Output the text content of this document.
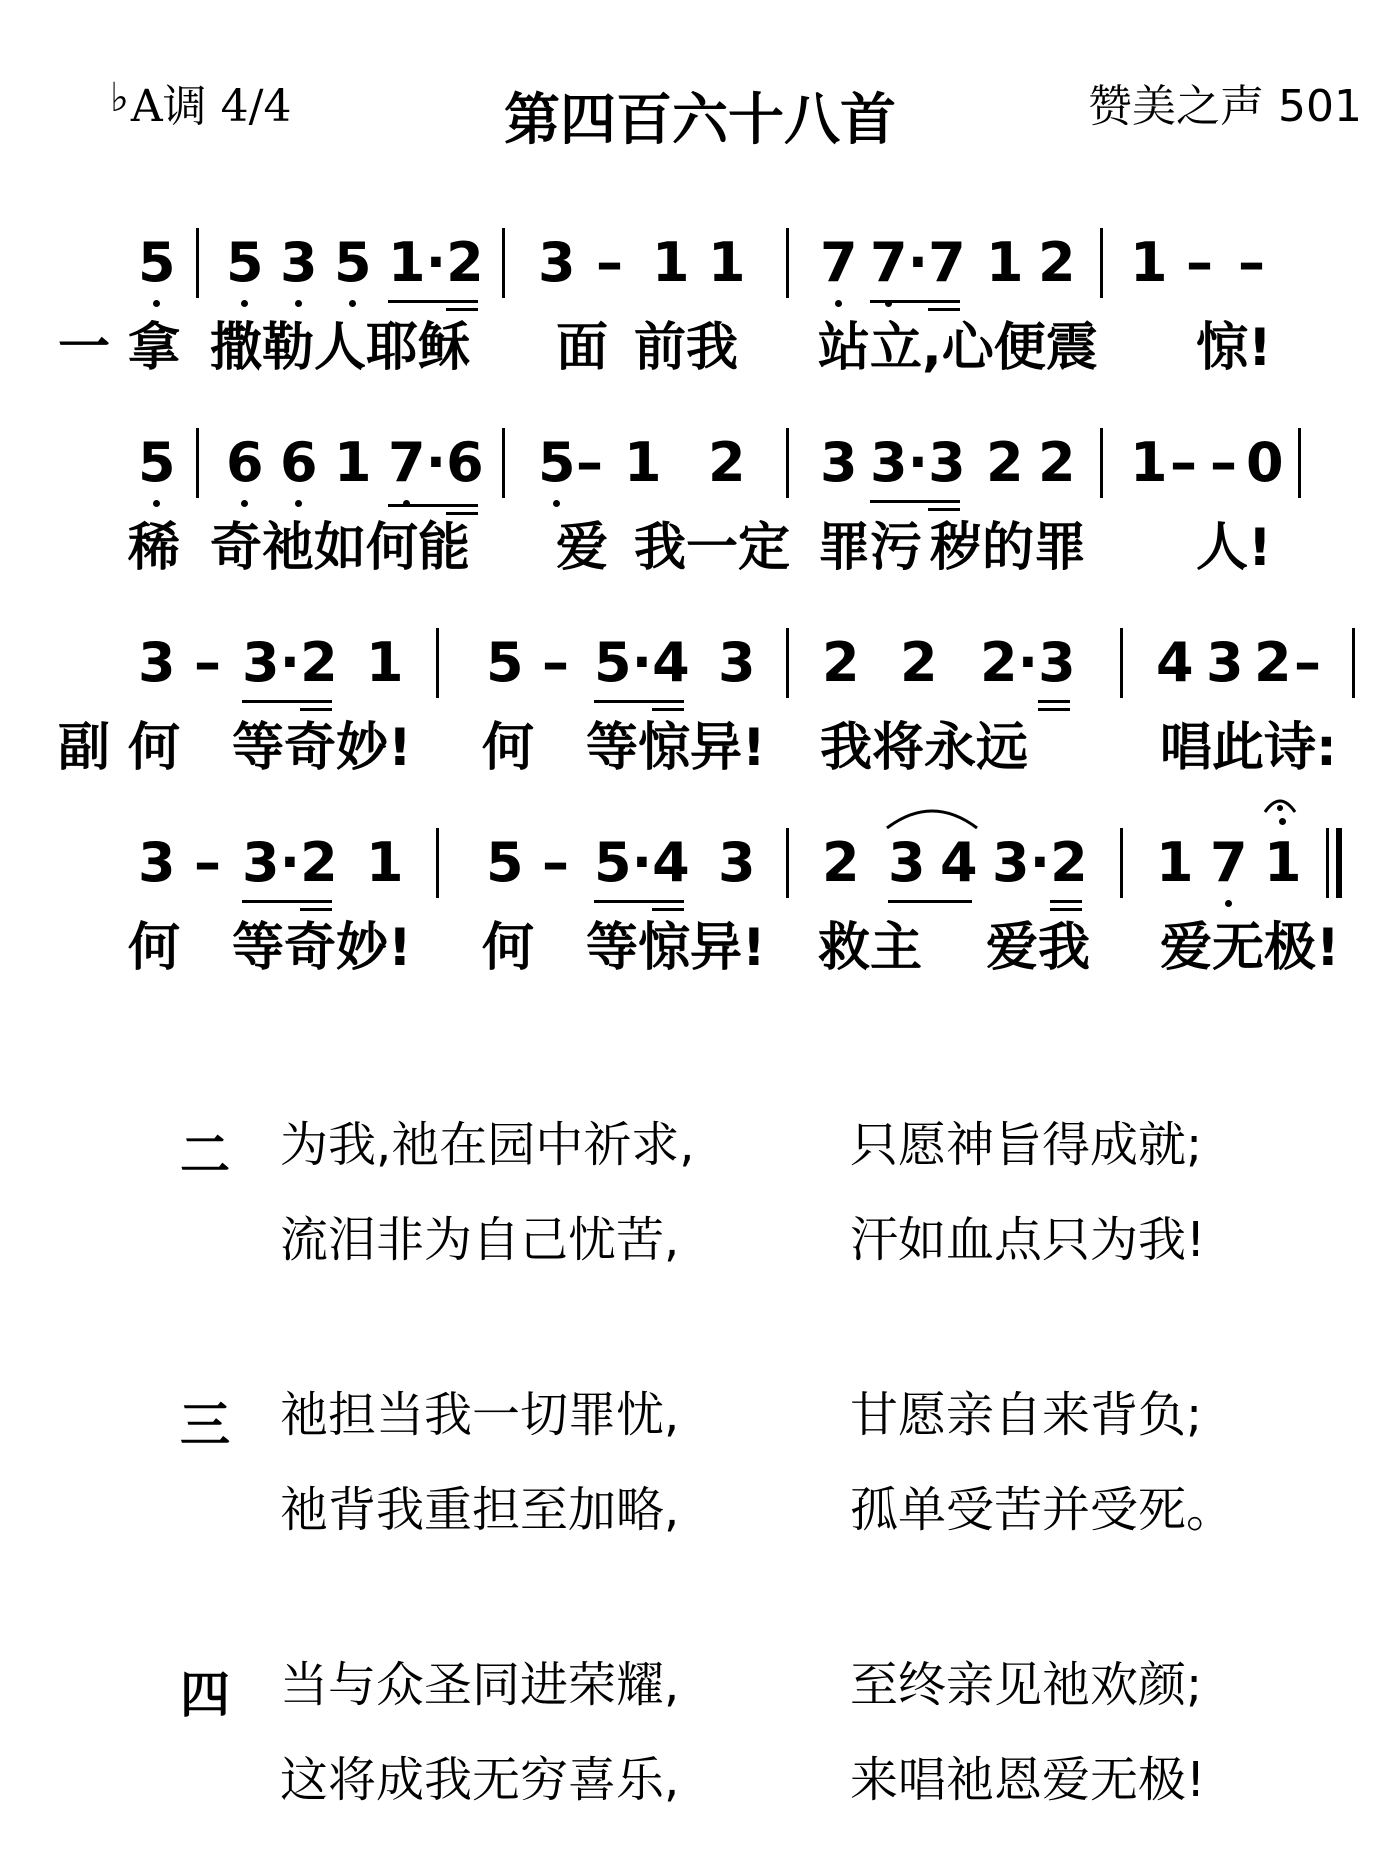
♭A调 4/4	第四百六十八首	赞美之声 501
5 5 3 5 1·2 3 – 1 1 7 7·7 1 2 1 – –
一 拿 撒勒人耶稣 面 前我 站立,心便震 惊!
5 6 6 1 7·6 5 – 1 2 3 3·3 2 2 1 – – 0
稀 奇祂如何能 爱 我一定 罪污 秽的罪 人!
3 – 3·2 1 5 – 5·4 3 2 2 2·3 4 3 2 –
副 何 等奇妙! 何 等惊异! 我将永远	唱此诗:
3 – 3·2 1 5 – 5·4 3 2 3 4 3·2 1 7 1
何 等奇妙! 何 等惊异! 救主 爱我 爱无极!
二 为我,祂在园中祈求,	只愿神旨得成就;
流泪非为自己忧苦,	汗如血点只为我!
三 祂担当我一切罪忧,	甘愿亲自来背负;
祂背我重担至加略,	孤单受苦并受死。
四 当与众圣同进荣耀,	至终亲见祂欢颜;
这将成我无穷喜乐,	来唱祂恩爱无极!
